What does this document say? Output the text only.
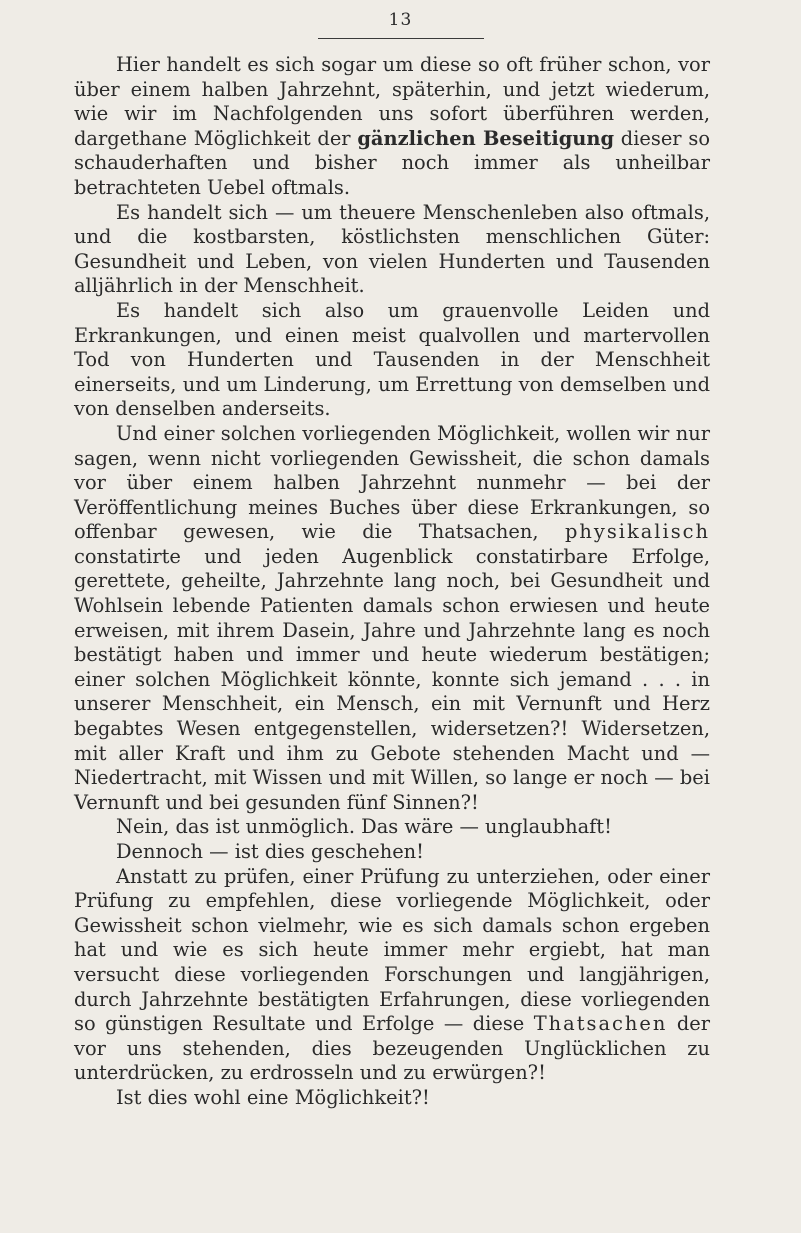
13

Hier handelt es sich sogar um diese so oft früher schon, vor über einem halben Jahrzehnt, späterhin, und jetzt wiederum, wie wir im Nachfolgenden uns sofort überführen werden, dargethane Möglichkeit der gänzlichen Beseitigung dieser so schauderhaften und bisher noch immer als unheilbar betrachteten Uebel oftmals.

Es handelt sich — um theuere Menschenleben also oftmals, und die kostbarsten, köstlichsten menschlichen Güter: Gesundheit und Leben, von vielen Hunderten und Tausenden alljährlich in der Menschheit.

Es handelt sich also um grauenvolle Leiden und Erkrankungen, und einen meist qualvollen und martervollen Tod von Hunderten und Tausenden in der Menschheit einerseits, und um Linderung, um Errettung von demselben und von denselben anderseits.

Und einer solchen vorliegenden Möglichkeit, wollen wir nur sagen, wenn nicht vorliegenden Gewissheit, die schon damals vor über einem halben Jahrzehnt nunmehr — bei der Veröffentlichung meines Buches über diese Erkrankungen, so offenbar gewesen, wie die Thatsachen, physikalisch constatirte und jeden Augenblick constatirbare Erfolge, gerettete, geheilte, Jahrzehnte lang noch, bei Gesundheit und Wohlsein lebende Patienten damals schon erwiesen und heute erweisen, mit ihrem Dasein, Jahre und Jahrzehnte lang es noch bestätigt haben und immer und heute wiederum bestätigen; einer solchen Möglichkeit könnte, konnte sich jemand . . . in unserer Menschheit, ein Mensch, ein mit Vernunft und Herz begabtes Wesen entgegenstellen, widersetzen?! Widersetzen, mit aller Kraft und ihm zu Gebote stehenden Macht und — Niedertracht, mit Wissen und mit Willen, so lange er noch — bei Vernunft und bei gesunden fünf Sinnen?!

Nein, das ist unmöglich. Das wäre — unglaubhaft!

Dennoch — ist dies geschehen!

Anstatt zu prüfen, einer Prüfung zu unterziehen, oder einer Prüfung zu empfehlen, diese vorliegende Möglichkeit, oder Gewissheit schon vielmehr, wie es sich damals schon ergeben hat und wie es sich heute immer mehr ergiebt, hat man versucht diese vorliegenden Forschungen und langjährigen, durch Jahrzehnte bestätigten Erfahrungen, diese vorliegenden so günstigen Resultate und Erfolge — diese Thatsachen der vor uns stehenden, dies bezeugenden Unglücklichen zu unterdrücken, zu erdrosseln und zu erwürgen?!

Ist dies wohl eine Möglichkeit?!
